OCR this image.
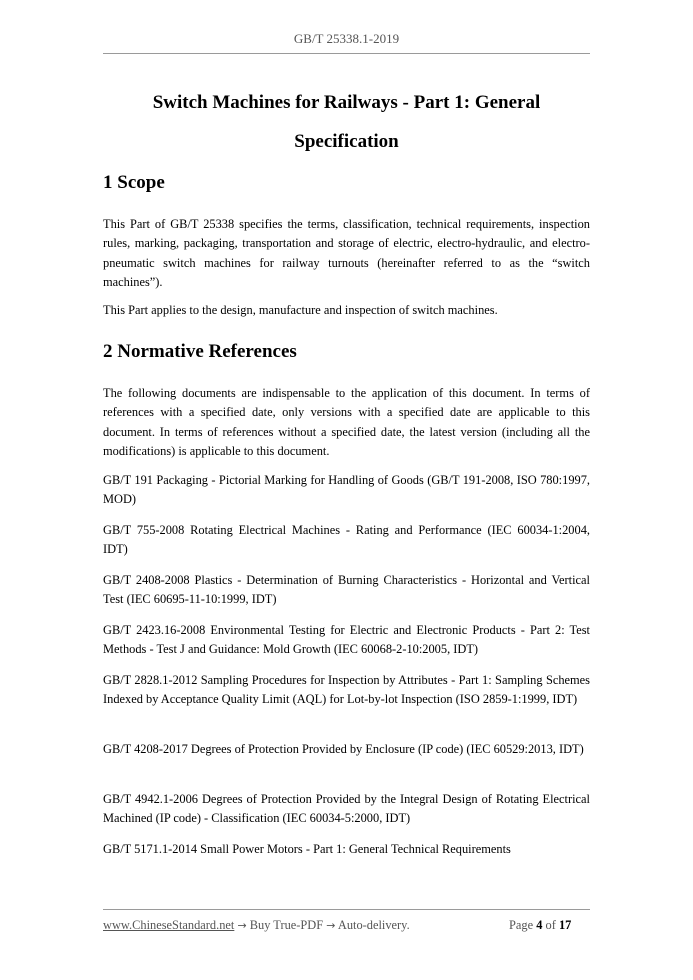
GB/T 25338.1-2019
Switch Machines for Railways - Part 1: General
Specification
1 Scope

This Part of GB/T 25338 specifies the terms, classification, technical requirements, inspection rules, marking, packaging, transportation and storage of electric, electro-hydraulic, and electro-pneumatic switch machines for railway turnouts (hereinafter referred to as the “switch machines”).

This Part applies to the design, manufacture and inspection of switch machines.

2 Normative References

The following documents are indispensable to the application of this document. In terms of references with a specified date, only versions with a specified date are applicable to this document. In terms of references without a specified date, the latest version (including all the modifications) is applicable to this document.

GB/T 191 Packaging - Pictorial Marking for Handling of Goods (GB/T 191-2008, ISO 780:1997, MOD)

GB/T 755-2008 Rotating Electrical Machines - Rating and Performance (IEC 60034-1:2004, IDT)

GB/T 2408-2008 Plastics - Determination of Burning Characteristics - Horizontal and Vertical Test (IEC 60695-11-10:1999, IDT)

GB/T 2423.16-2008 Environmental Testing for Electric and Electronic Products - Part 2: Test Methods - Test J and Guidance: Mold Growth (IEC 60068-2-10:2005, IDT)

GB/T 2828.1-2012 Sampling Procedures for Inspection by Attributes - Part 1: Sampling Schemes Indexed by Acceptance Quality Limit (AQL) for Lot-by-lot Inspection (ISO 2859-1:1999, IDT)

GB/T 4208-2017 Degrees of Protection Provided by Enclosure (IP code) (IEC 60529:2013, IDT)

GB/T 4942.1-2006 Degrees of Protection Provided by the Integral Design of Rotating Electrical Machined (IP code) - Classification (IEC 60034-5:2000, IDT)

GB/T 5171.1-2014 Small Power Motors - Part 1: General Technical Requirements

www.ChineseStandard.net → Buy True-PDF → Auto-delivery.	Page 4 of 17
